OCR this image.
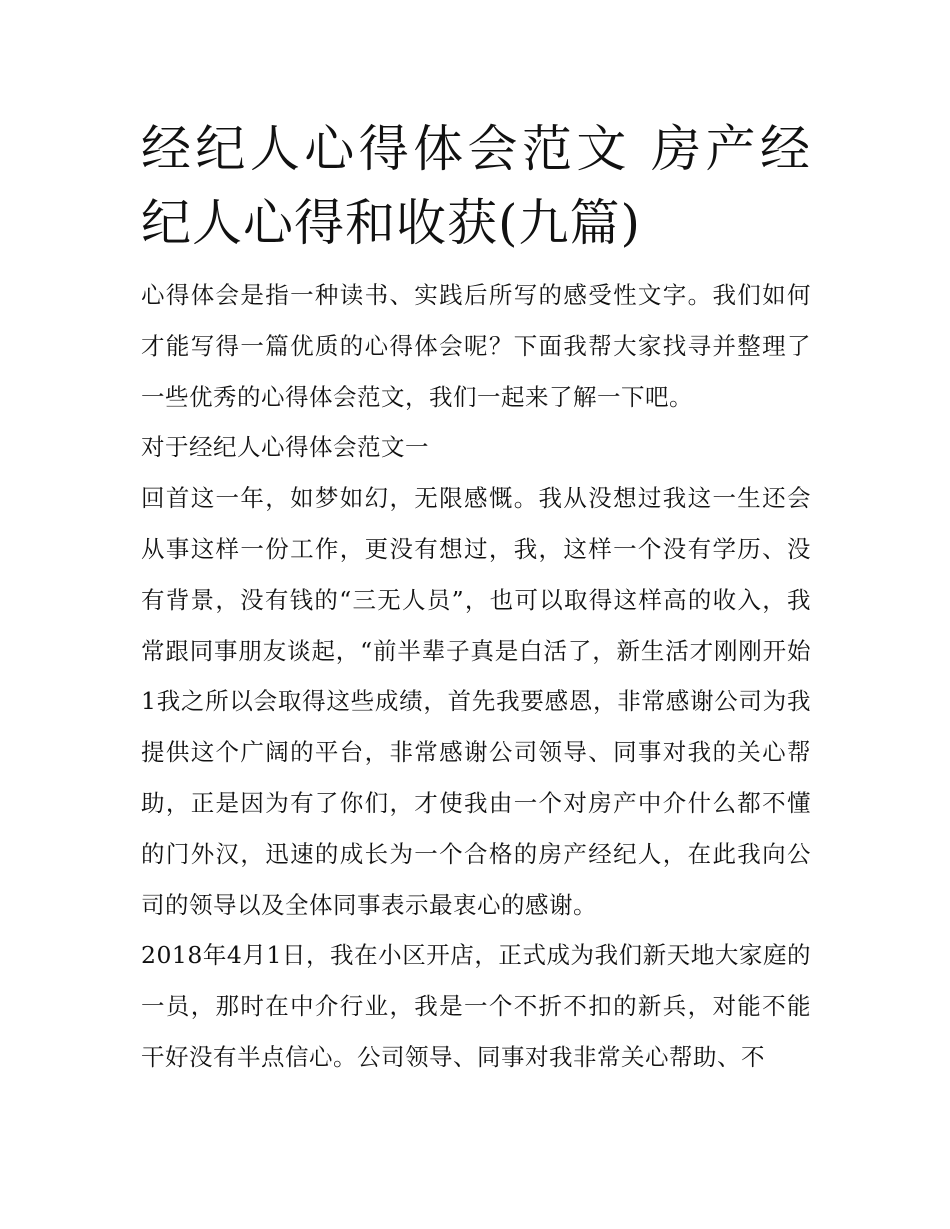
经纪人心得体会范文 房产经纪人心得和收获(九篇)

心得体会是指一种读书、实践后所写的感受性文字。我们如何才能写得一篇优质的心得体会呢？下面我帮大家找寻并整理了一些优秀的心得体会范文，我们一起来了解一下吧。

对于经纪人心得体会范文一

回首这一年，如梦如幻，无限感慨。我从没想过我这一生还会从事这样一份工作，更没有想过，我，这样一个没有学历、没有背景，没有钱的“三无人员”，也可以取得这样高的收入，我常跟同事朋友谈起，“前半辈子真是白活了，新生活才刚刚开始1我之所以会取得这些成绩，首先我要感恩，非常感谢公司为我提供这个广阔的平台，非常感谢公司领导、同事对我的关心帮助，正是因为有了你们，才使我由一个对房产中介什么都不懂的门外汉，迅速的成长为一个合格的房产经纪人，在此我向公司的领导以及全体同事表示最衷心的感谢。

2018年4月1日，我在小区开店，正式成为我们新天地大家庭的一员，那时在中介行业，我是一个不折不扣的新兵，对能不能干好没有半点信心。公司领导、同事对我非常关心帮助、不
